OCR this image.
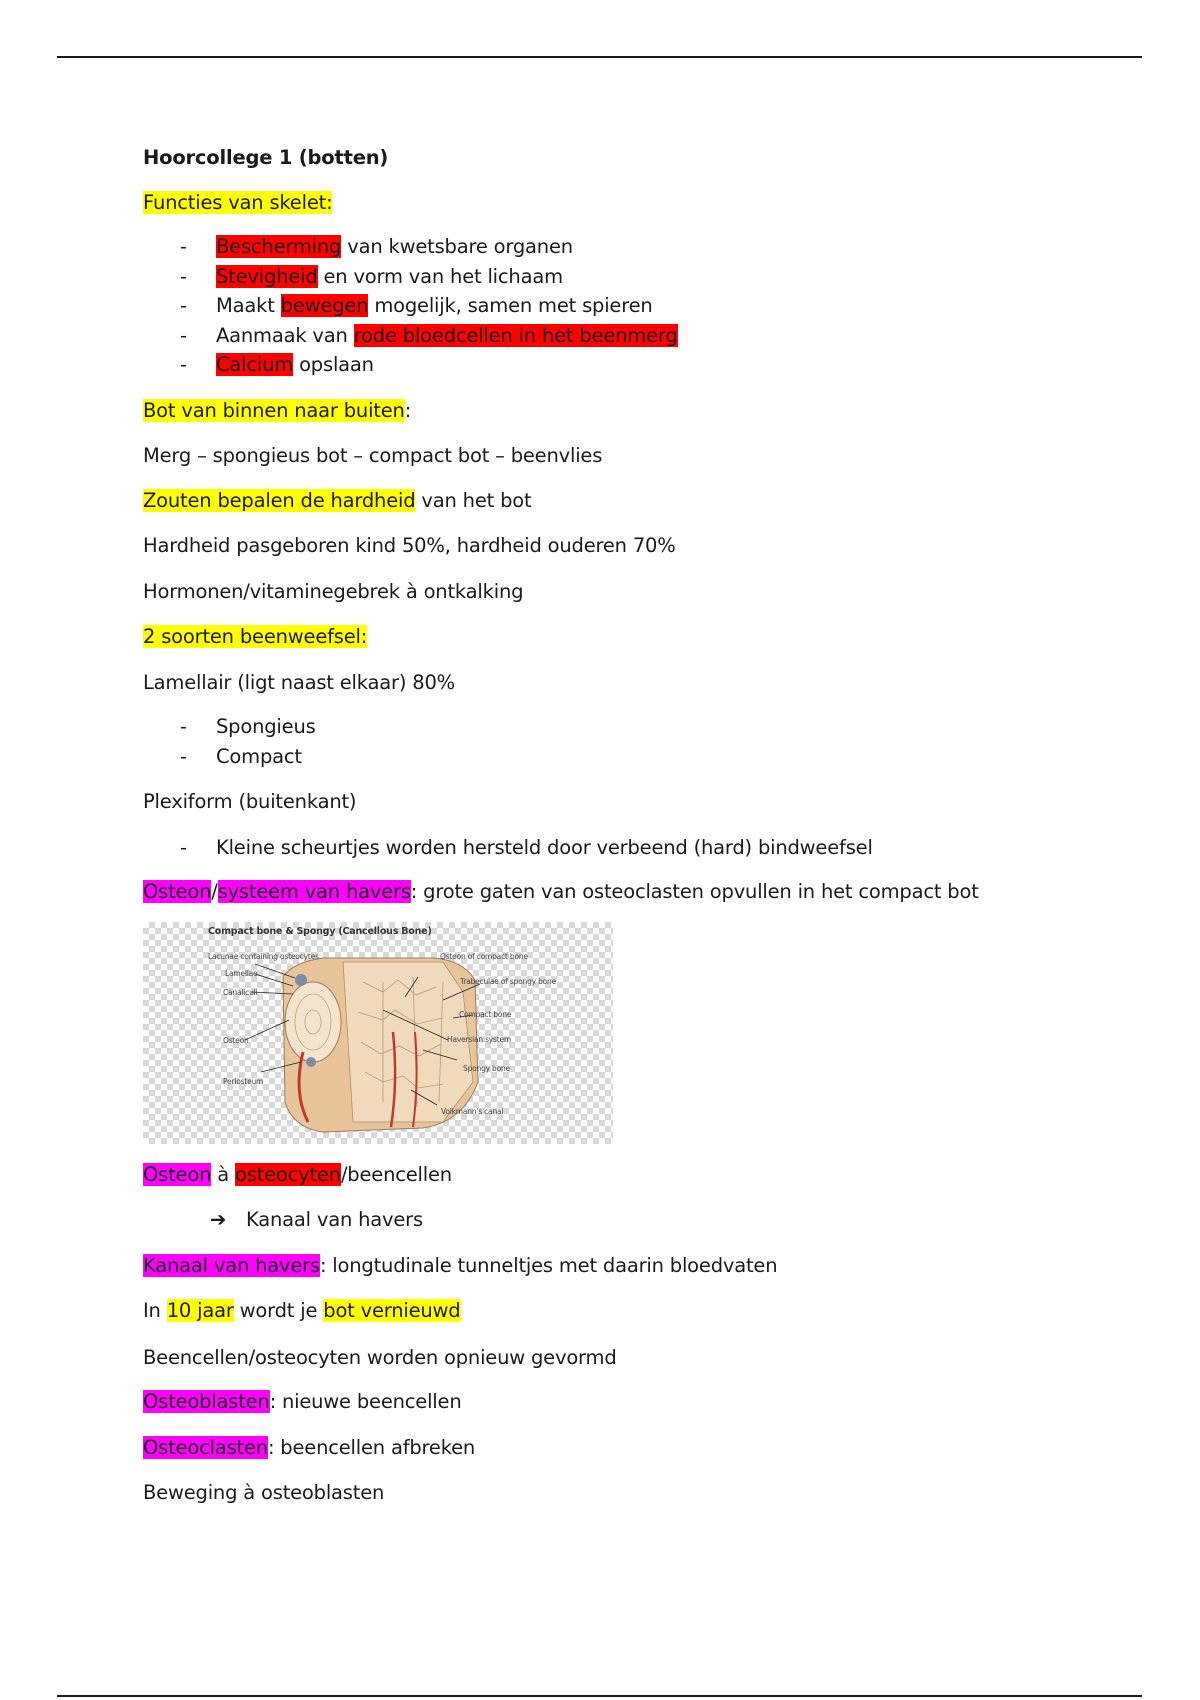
Hoorcollege 1 (botten)
Functies van skelet:
- Bescherming van kwetsbare organen
- Stevigheid en vorm van het lichaam
- Maakt bewegen mogelijk, samen met spieren
- Aanmaak van rode bloedcellen in het beenmerg
- Calcium opslaan
Bot van binnen naar buiten:
Merg – spongieus bot – compact bot – beenvlies
Zouten bepalen de hardheid van het bot
Hardheid pasgeboren kind 50%, hardheid ouderen 70%
Hormonen/vitaminegebrek à ontkalking
2 soorten beenweefsel:
Lamellair (ligt naast elkaar) 80%
- Spongieus
- Compact
Plexiform (buitenkant)
- Kleine scheurtjes worden hersteld door verbeend (hard) bindweefsel
Osteon/systeem van havers: grote gaten van osteoclasten opvullen in het compact bot
Compact bone & Spongy (Cancellous Bone)
Lacunae containing osteocytes
Lamellae
Canaliculi
Osteon
Periosteum
Osteon of compact bone
Trabeculae of spongy bone
Compact bone
Haversian system
Spongy bone
Volkmann's canal
Osteon à osteocyten/beencellen
➔ Kanaal van havers
Kanaal van havers: longtudinale tunneltjes met daarin bloedvaten
In 10 jaar wordt je bot vernieuwd
Beencellen/osteocyten worden opnieuw gevormd
Osteoblasten: nieuwe beencellen
Osteoclasten: beencellen afbreken
Beweging à osteoblasten
